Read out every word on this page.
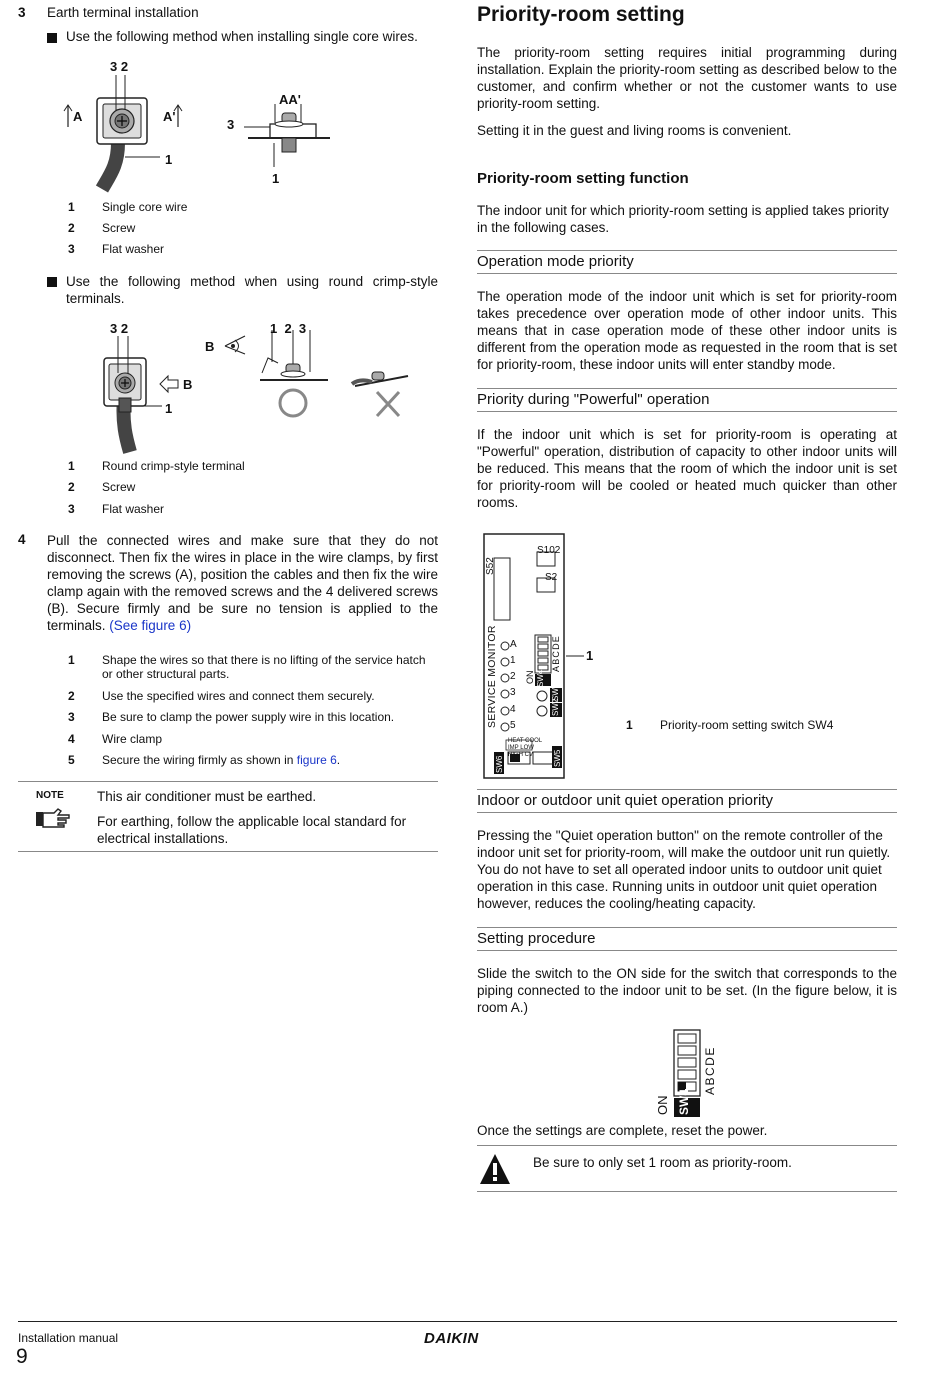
3 Earth terminal installation
Use the following method when installing single core wires.
3 2
A	A'
1
AA'
3
1
1 Single core wire
2 Screw
3 Flat washer
Use the following method when using round crimp-style terminals.
3 2
B
B
1
1  2  3
1 Round crimp-style terminal
2 Screw
3 Flat washer
4 Pull the connected wires and make sure that they do not disconnect. Then fix the wires in place in the wire clamps, by first removing the screws (A), position the cables and then fix the wire clamp again with the removed screws and the 4 delivered screws (B). Secure firmly and be sure no tension is applied to the terminals. (See figure 6)
1 Shape the wires so that there is no lifting of the service hatch or other structural parts.
2 Use the specified wires and connect them securely.
3 Be sure to clamp the power supply wire in this location.
4 Wire clamp
5 Secure the wiring firmly as shown in figure 6.
NOTE This air conditioner must be earthed.
For earthing, follow the applicable local standard for electrical installations.
Priority-room setting
The priority-room setting requires initial programming during installation. Explain the priority-room setting as described below to the customer, and confirm whether or not the customer wants to use priority-room setting.
Setting it in the guest and living rooms is convenient.
Priority-room setting function
The indoor unit for which priority-room setting is applied takes priority in the following cases.
Operation mode priority
The operation mode of the indoor unit which is set for priority-room takes precedence over operation mode of other indoor units. This means that in case operation mode of these other indoor units is different from the operation mode as requested in the room that is set for priority-room, these indoor units will enter standby mode.
Priority during "Powerful" operation
If the indoor unit which is set for priority-room is operating at "Powerful" operation, distribution of capacity to other indoor units will be reduced. This means that the room of which the indoor unit is set for priority-room will be cooled or heated much quicker than other rooms.
S102
S2
S52
SERVICE MONITOR A
1
2
3
4
5
ON
ABCDE
SW4
SW3
SW2
SW5
SW6
HEAT COOL IMP LOW HIGH CV
1
1 Priority-room setting switch SW4
Indoor or outdoor unit quiet operation priority
Pressing the "Quiet operation button" on the remote controller of the indoor unit set for priority-room, will make the outdoor unit run quietly. You do not have to set all operated indoor units to outdoor unit quiet operation in this case. Running units in outdoor unit quiet operation however, reduces the cooling/heating capacity.
Setting procedure
Slide the switch to the ON side for the switch that corresponds to the piping connected to the indoor unit to be set. (In the figure below, it is room A.)
ON SW4
ABCDE
Once the settings are complete, reset the power.
Be sure to only set 1 room as priority-room.
Installation manual
9
DAIKIN
